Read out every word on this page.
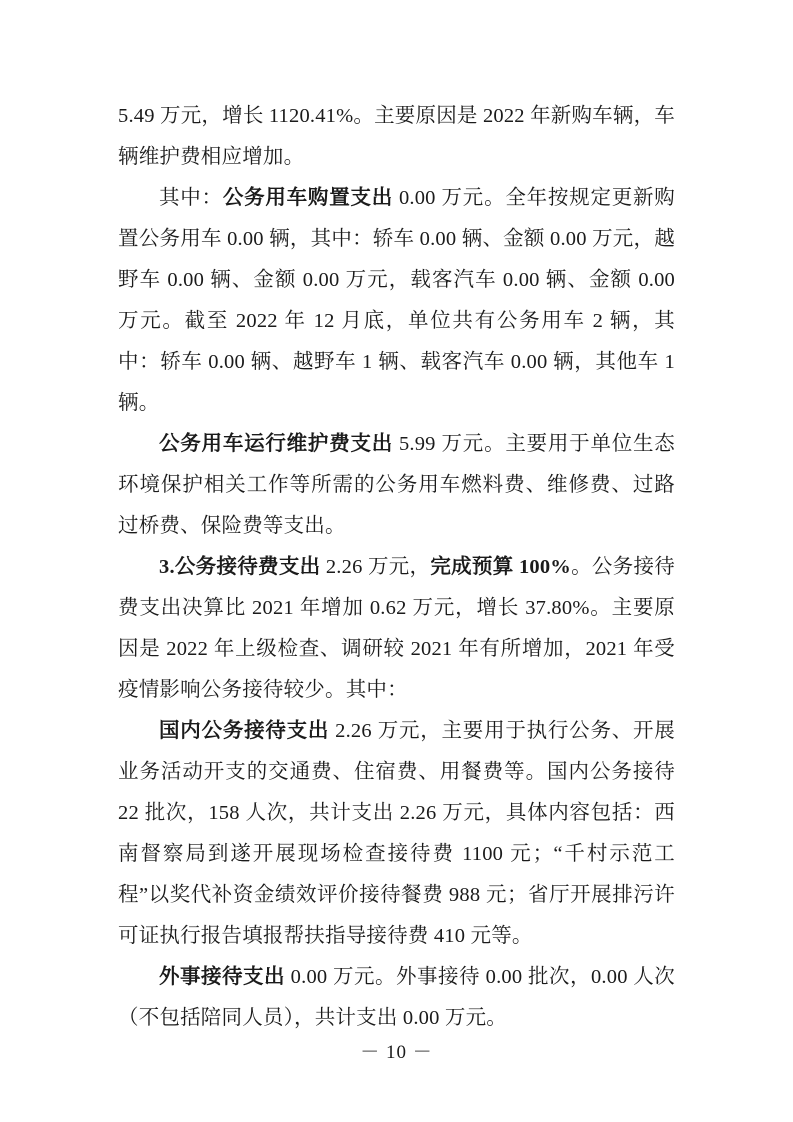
5.49 万元，增长 1120.41%。主要原因是 2022 年新购车辆，车辆维护费相应增加。
其中：公务用车购置支出 0.00 万元。全年按规定更新购置公务用车 0.00 辆，其中：轿车 0.00 辆、金额 0.00 万元，越野车 0.00 辆、金额 0.00 万元，载客汽车 0.00 辆、金额 0.00 万元。截至 2022 年 12 月底，单位共有公务用车 2 辆，其中：轿车 0.00 辆、越野车 1 辆、载客汽车 0.00 辆，其他车 1 辆。
公务用车运行维护费支出 5.99 万元。主要用于单位生态环境保护相关工作等所需的公务用车燃料费、维修费、过路过桥费、保险费等支出。
3.公务接待费支出 2.26 万元，完成预算 100%。公务接待费支出决算比 2021 年增加 0.62 万元，增长 37.80%。主要原因是 2022 年上级检查、调研较 2021 年有所增加，2021 年受疫情影响公务接待较少。其中：
国内公务接待支出 2.26 万元，主要用于执行公务、开展业务活动开支的交通费、住宿费、用餐费等。国内公务接待 22 批次，158 人次，共计支出 2.26 万元，具体内容包括：西南督察局到遂开展现场检查接待费 1100 元；“千村示范工程”以奖代补资金绩效评价接待餐费 988 元；省厅开展排污许可证执行报告填报帮扶指导接待费 410 元等。
外事接待支出 0.00 万元。外事接待 0.00 批次，0.00 人次（不包括陪同人员），共计支出 0.00 万元。
－ 10 －
